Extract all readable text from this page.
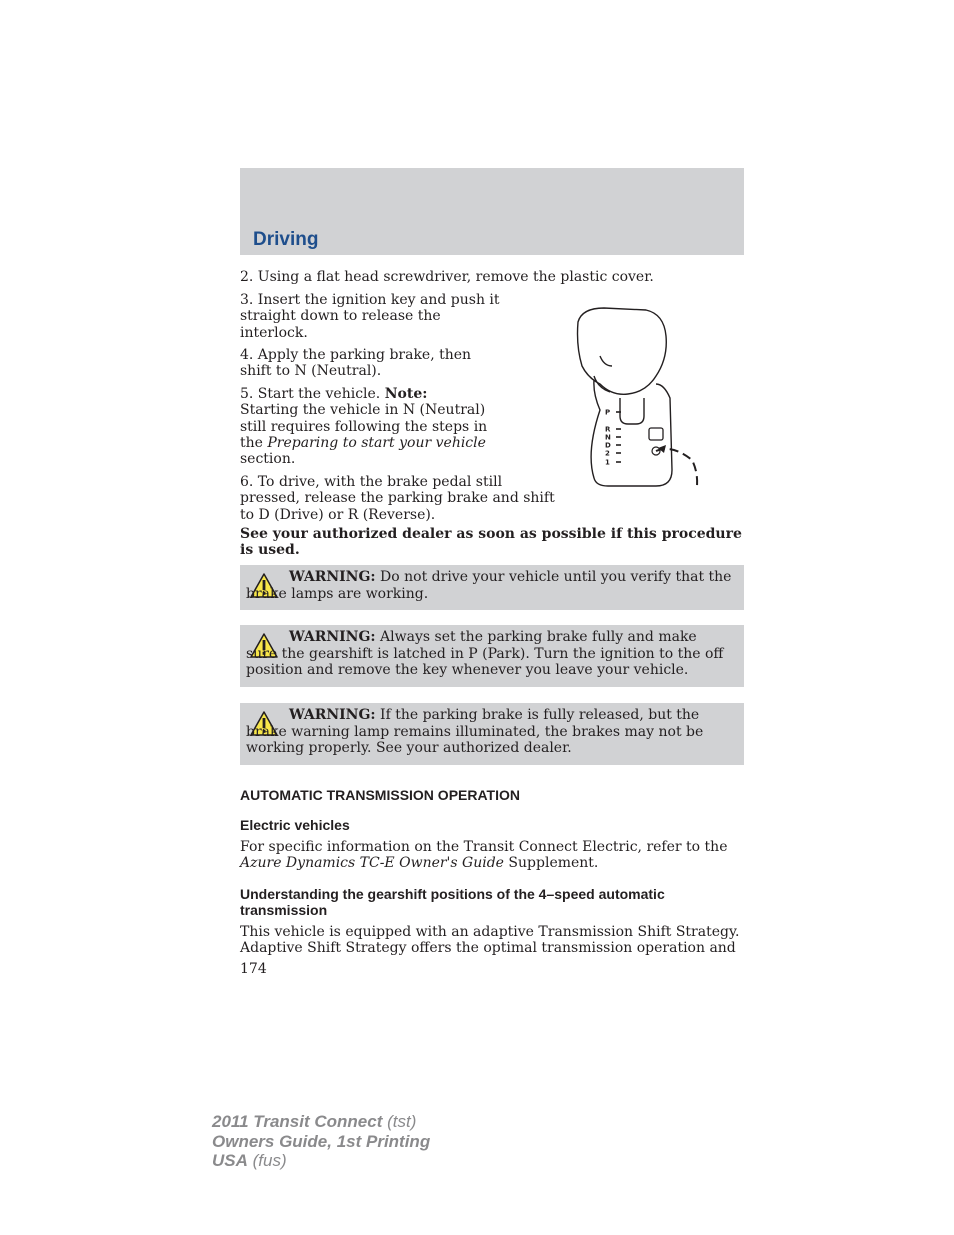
Driving

2. Using a flat head screwdriver, remove the plastic cover.

3. Insert the ignition key and push it straight down to release the interlock.

4. Apply the parking brake, then shift to N (Neutral).

5. Start the vehicle. Note: Starting the vehicle in N (Neutral) still requires following the steps in the Preparing to start your vehicle section.

6. To drive, with the brake pedal still pressed, release the parking brake and shift to D (Drive) or R (Reverse).

See your authorized dealer as soon as possible if this procedure is used.

P
R
N
D
2
1

WARNING: Do not drive your vehicle until you verify that the brake lamps are working.

WARNING: Always set the parking brake fully and make sure the gearshift is latched in P (Park). Turn the ignition to the off position and remove the key whenever you leave your vehicle.

WARNING: If the parking brake is fully released, but the brake warning lamp remains illuminated, the brakes may not be working properly. See your authorized dealer.

AUTOMATIC TRANSMISSION OPERATION

Electric vehicles

For specific information on the Transit Connect Electric, refer to the Azure Dynamics TC-E Owner's Guide Supplement.

Understanding the gearshift positions of the 4–speed automatic transmission

This vehicle is equipped with an adaptive Transmission Shift Strategy. Adaptive Shift Strategy offers the optimal transmission operation and

174

2011 Transit Connect (tst)
Owners Guide, 1st Printing
USA (fus)
